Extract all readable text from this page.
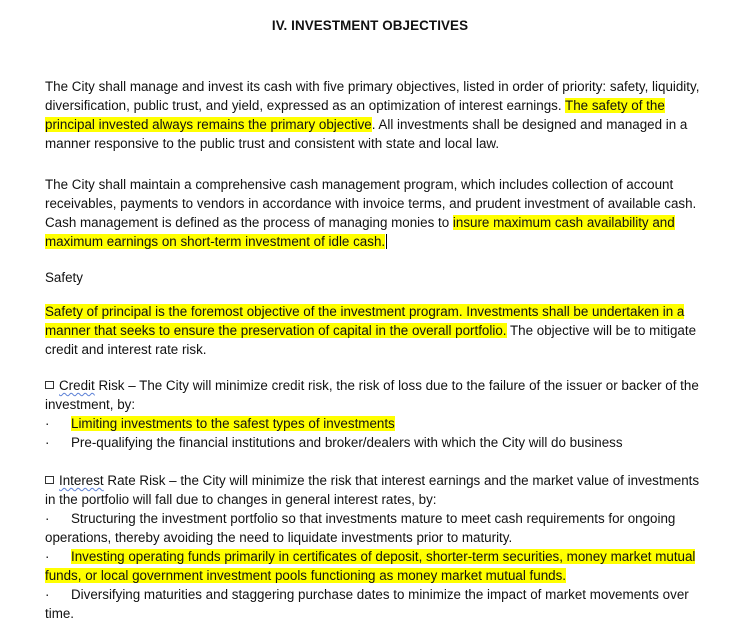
IV. INVESTMENT OBJECTIVES

The City shall manage and invest its cash with five primary objectives, listed in order of priority: safety, liquidity, diversification, public trust, and yield, expressed as an optimization of interest earnings. The safety of the principal invested always remains the primary objective. All investments shall be designed and managed in a manner responsive to the public trust and consistent with state and local law.

The City shall maintain a comprehensive cash management program, which includes collection of account receivables, payments to vendors in accordance with invoice terms, and prudent investment of available cash. Cash management is defined as the process of managing monies to insure maximum cash availability and maximum earnings on short-term investment of idle cash.

Safety

Safety of principal is the foremost objective of the investment program. Investments shall be undertaken in a manner that seeks to ensure the preservation of capital in the overall portfolio. The objective will be to mitigate credit and interest rate risk.

Credit Risk – The City will minimize credit risk, the risk of loss due to the failure of the issuer or backer of the investment, by:

· Limiting investments to the safest types of investments
· Pre-qualifying the financial institutions and broker/dealers with which the City will do business

Interest Rate Risk – the City will minimize the risk that interest earnings and the market value of investments in the portfolio will fall due to changes in general interest rates, by:

· Structuring the investment portfolio so that investments mature to meet cash requirements for ongoing operations, thereby avoiding the need to liquidate investments prior to maturity.
· Investing operating funds primarily in certificates of deposit, shorter-term securities, money market mutual funds, or local government investment pools functioning as money market mutual funds.
· Diversifying maturities and staggering purchase dates to minimize the impact of market movements over time.
